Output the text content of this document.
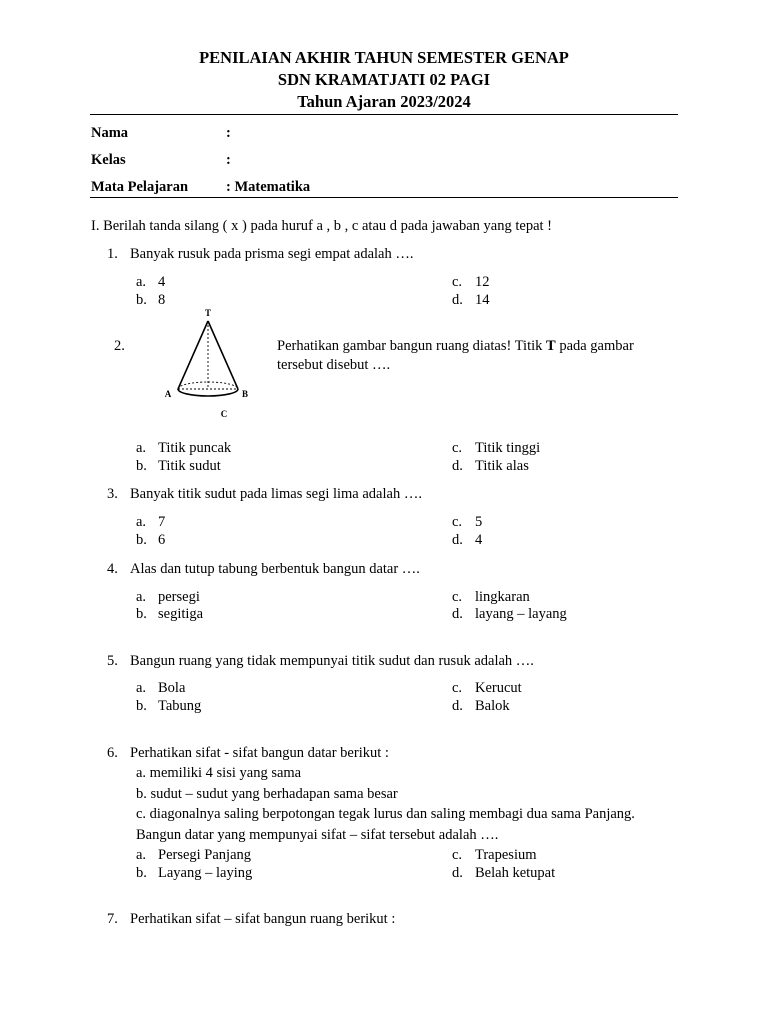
PENILAIAN AKHIR TAHUN SEMESTER GENAP
SDN KRAMATJATI 02 PAGI
Tahun Ajaran 2023/2024
Nama	:
Kelas	:
Mata Pelajaran	: Matematika
I. Berilah tanda silang ( x ) pada huruf a , b , c atau d pada jawaban yang tepat !
1. Banyak rusuk pada prisma segi empat adalah ….
a. 4
b. 8
c. 12
d. 14
2.
T
A	B
C
Perhatikan gambar bangun ruang diatas! Titik T pada gambar
tersebut disebut ….
a. Titik puncak
b. Titik sudut
c. Titik tinggi
d. Titik alas
3. Banyak titik sudut pada limas segi lima adalah ….
a. 7
b. 6
c. 5
d. 4
4. Alas dan tutup tabung berbentuk bangun datar ….
a. persegi
b. segitiga
c. lingkaran
d. layang – layang
5. Bangun ruang yang tidak mempunyai titik sudut dan rusuk adalah ….
a. Bola
b. Tabung
c. Kerucut
d. Balok
6. Perhatikan sifat - sifat bangun datar berikut :
a. memiliki 4 sisi yang sama
b. sudut – sudut yang berhadapan sama besar
c. diagonalnya saling berpotongan tegak lurus dan saling membagi dua sama Panjang.
Bangun datar yang mempunyai sifat – sifat tersebut adalah ….
a. Persegi Panjang
b. Layang – laying
c. Trapesium
d. Belah ketupat
7. Perhatikan sifat – sifat bangun ruang berikut :
